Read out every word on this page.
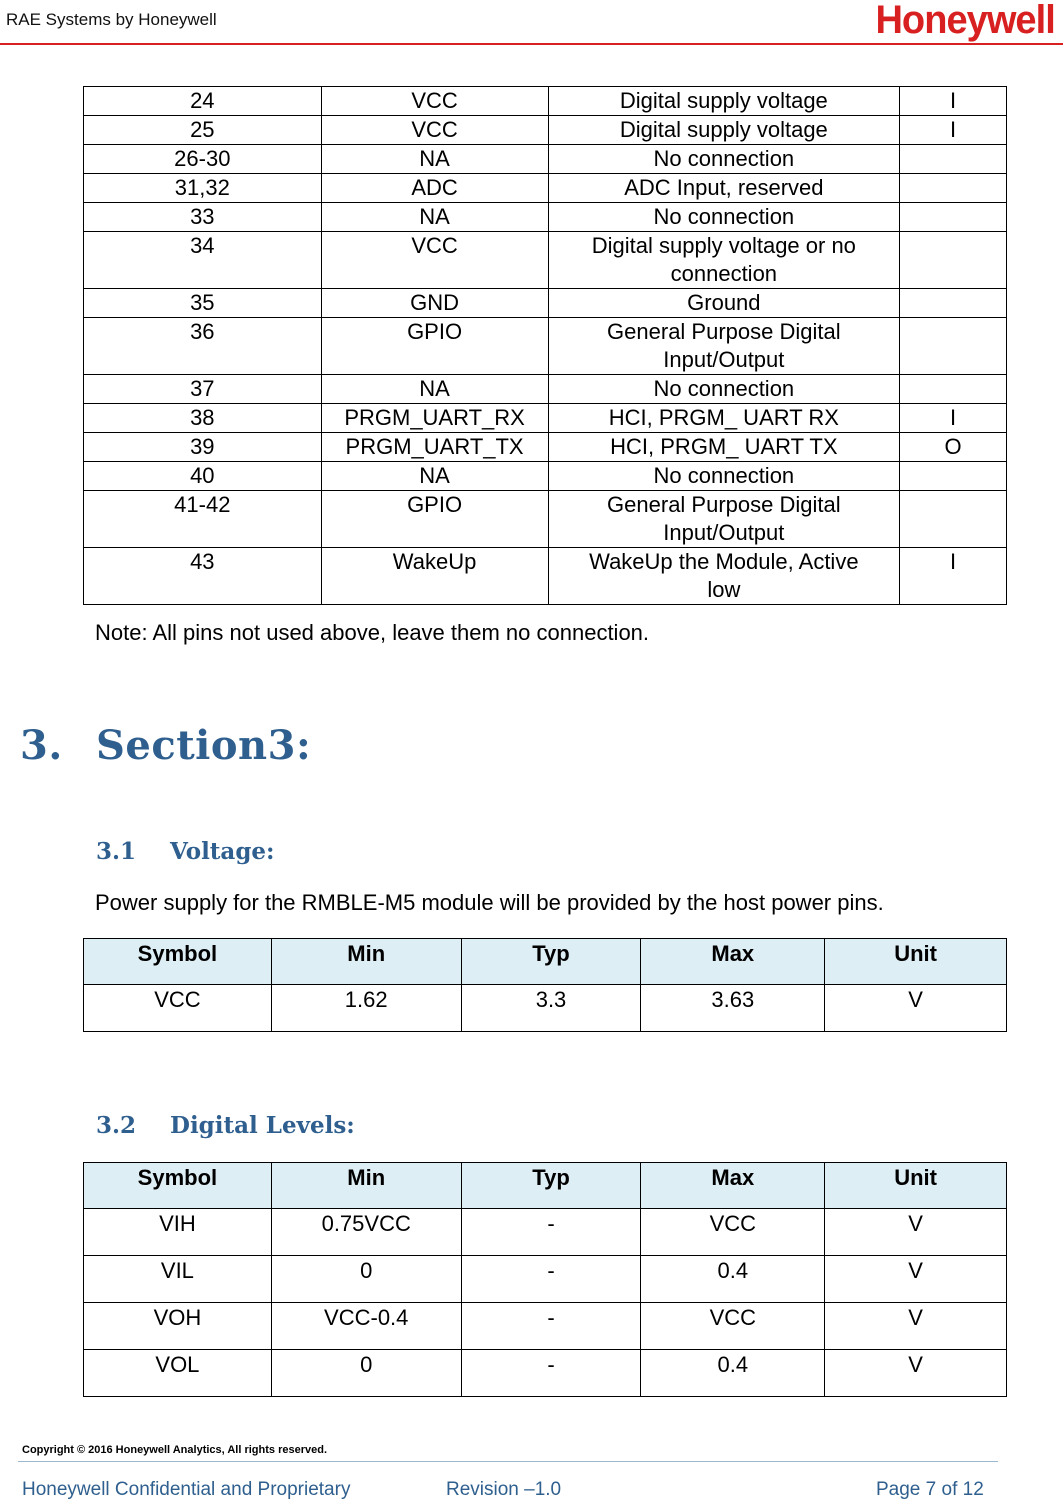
RAE Systems by Honeywell	Honeywell
24	VCC	Digital supply voltage	I
25	VCC	Digital supply voltage	I
26-30	NA	No connection	
31,32	ADC	ADC Input, reserved	
33	NA	No connection	
34	VCC	Digital supply voltage or no connection	
35	GND	Ground	
36	GPIO	General Purpose Digital Input/Output	
37	NA	No connection	
38	PRGM_UART_RX	HCI, PRGM_ UART RX	I
39	PRGM_UART_TX	HCI, PRGM_ UART TX	O
40	NA	No connection	
41-42	GPIO	General Purpose Digital Input/Output	
43	WakeUp	WakeUp the Module, Active low	I
Note: All pins not used above, leave them no connection.
3. Section3:
3.1 Voltage:
Power supply for the RMBLE-M5 module will be provided by the host power pins.
Symbol	Min	Typ	Max	Unit
VCC	1.62	3.3	3.63	V
3.2 Digital Levels:
Symbol	Min	Typ	Max	Unit
VIH	0.75VCC	-	VCC	V
VIL	0	-	0.4	V
VOH	VCC-0.4	-	VCC	V
VOL	0	-	0.4	V
Copyright © 2016 Honeywell Analytics, All rights reserved.
Honeywell Confidential and Proprietary	Revision –1.0	Page 7 of 12
